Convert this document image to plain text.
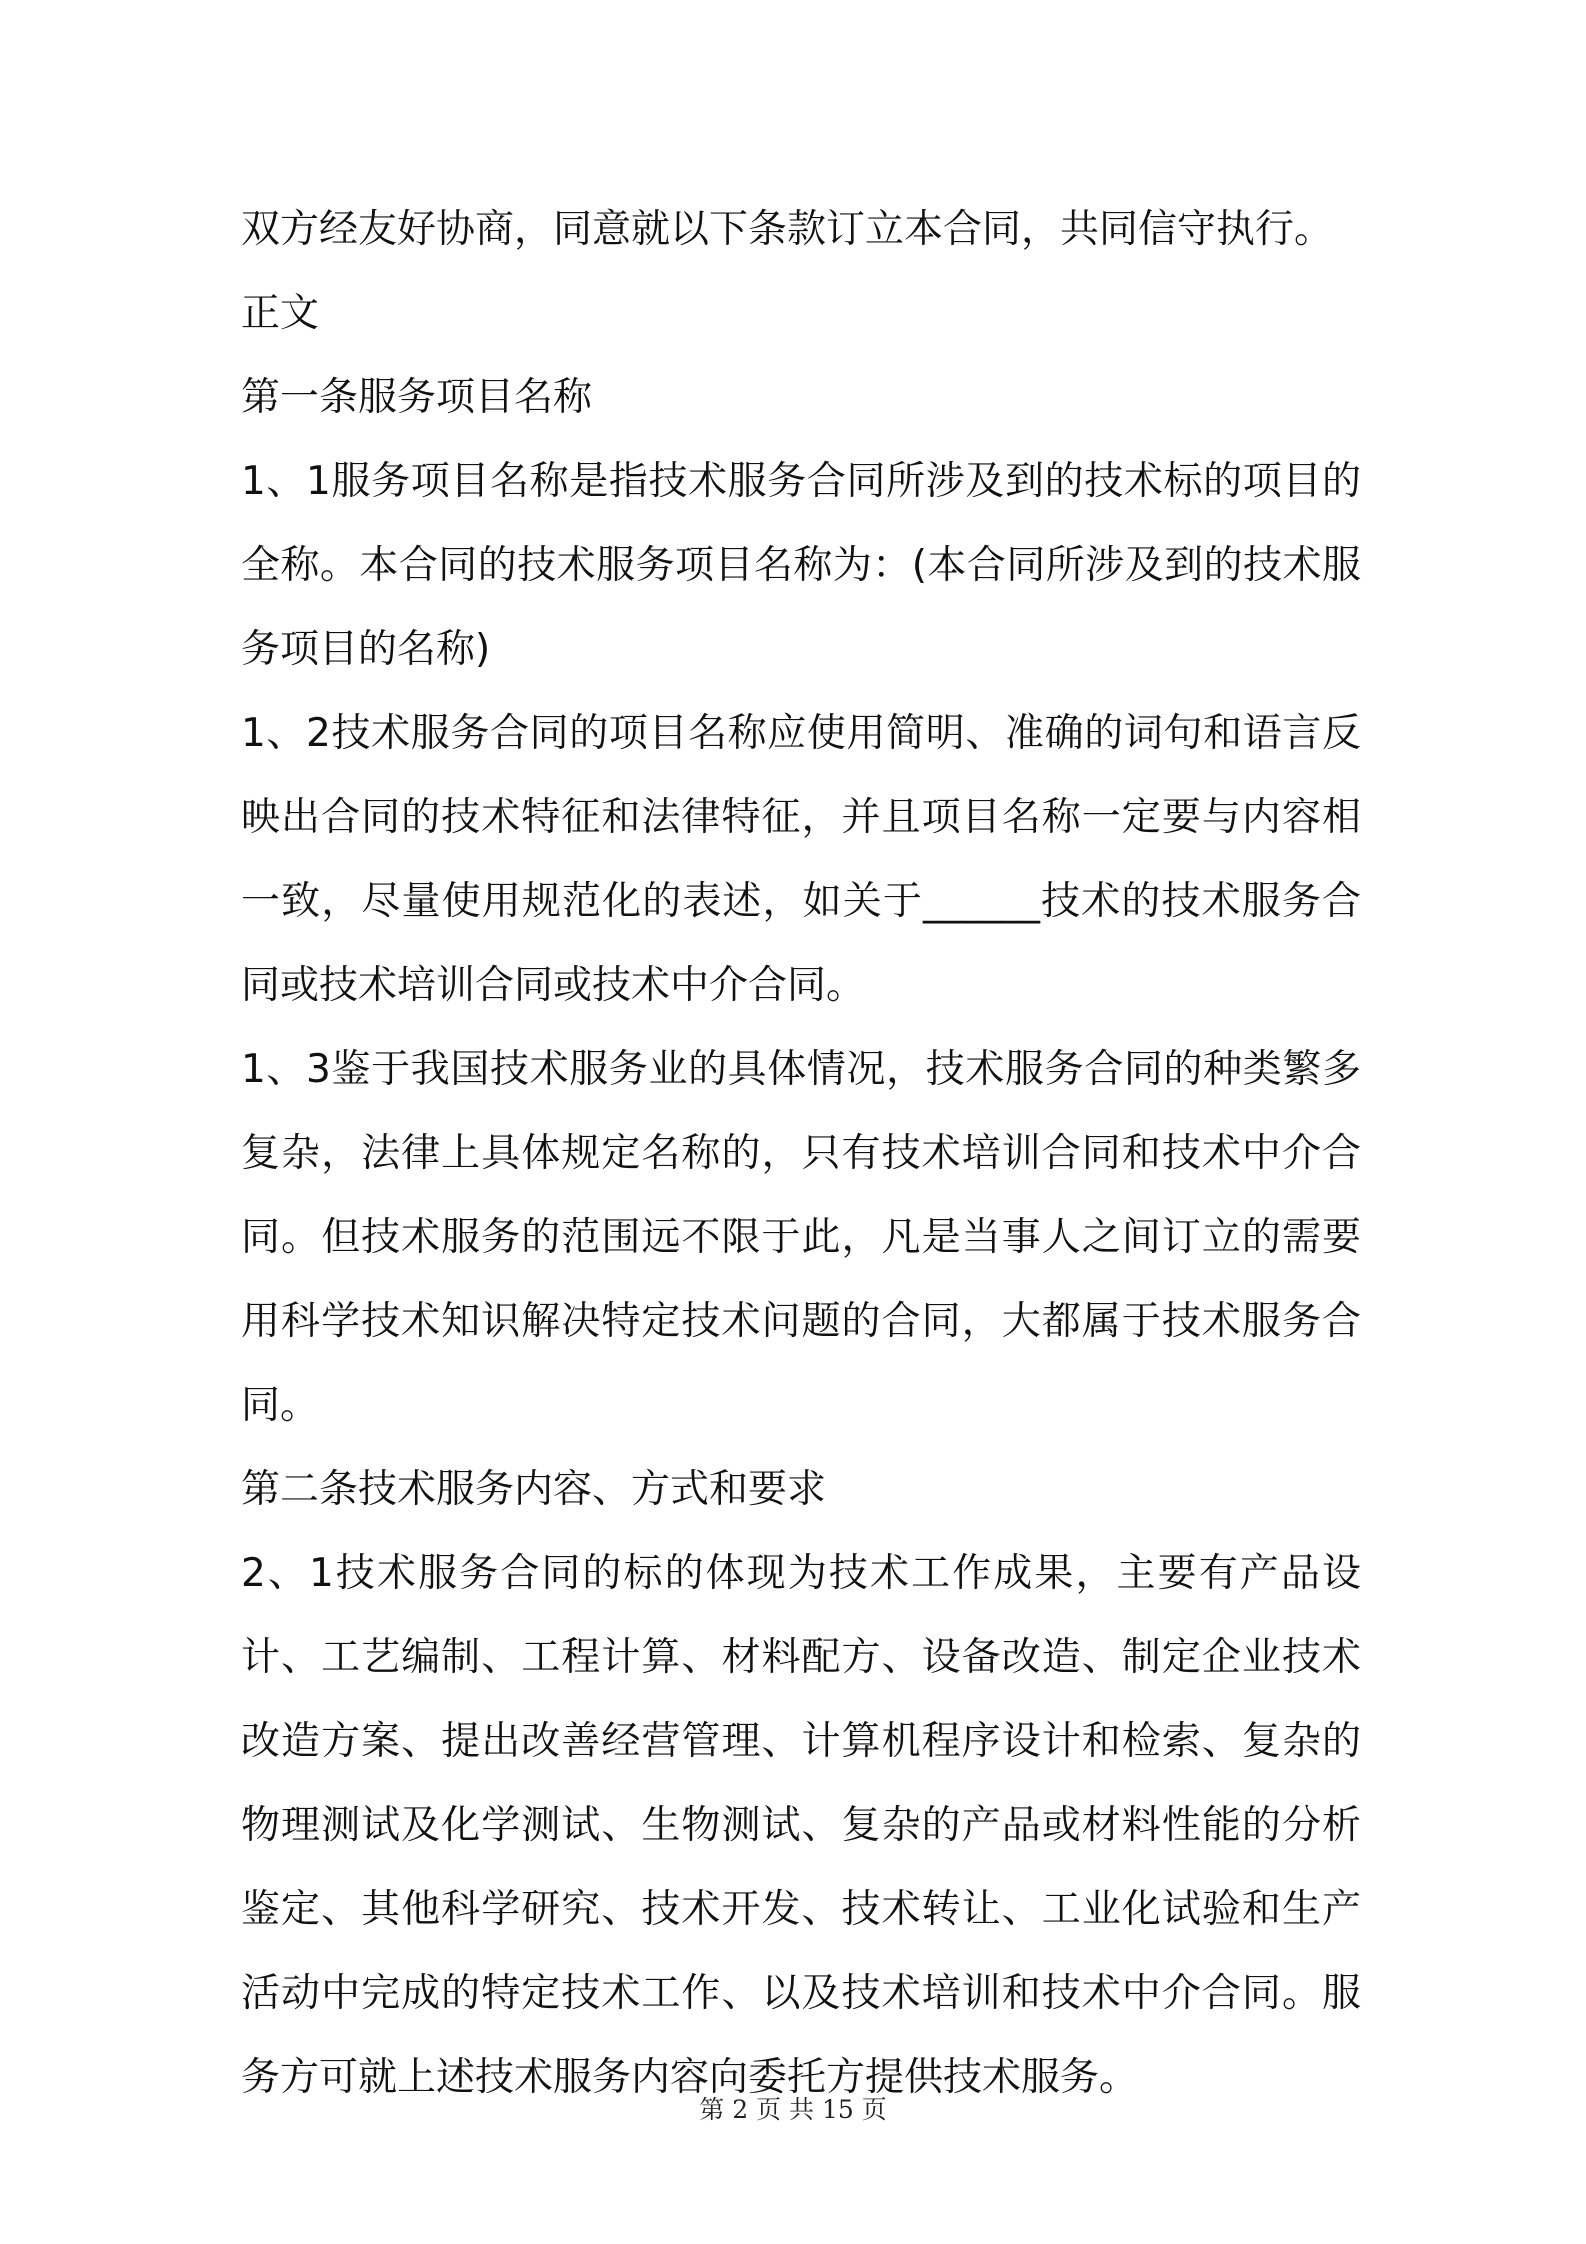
双方经友好协商，同意就以下条款订立本合同，共同信守执行。

正文

第一条服务项目名称

1、1服务项目名称是指技术服务合同所涉及到的技术标的项目的全称。本合同的技术服务项目名称为：(本合同所涉及到的技术服务项目的名称)

1、2技术服务合同的项目名称应使用简明、准确的词句和语言反映出合同的技术特征和法律特征，并且项目名称一定要与内容相一致，尽量使用规范化的表述，如关于______技术的技术服务合同或技术培训合同或技术中介合同。

1、3鉴于我国技术服务业的具体情况，技术服务合同的种类繁多复杂，法律上具体规定名称的，只有技术培训合同和技术中介合同。但技术服务的范围远不限于此，凡是当事人之间订立的需要用科学技术知识解决特定技术问题的合同，大都属于技术服务合同。

第二条技术服务内容、方式和要求

2、1技术服务合同的标的体现为技术工作成果，主要有产品设计、工艺编制、工程计算、材料配方、设备改造、制定企业技术改造方案、提出改善经营管理、计算机程序设计和检索、复杂的物理测试及化学测试、生物测试、复杂的产品或材料性能的分析鉴定、其他科学研究、技术开发、技术转让、工业化试验和生产活动中完成的特定技术工作、以及技术培训和技术中介合同。服务方可就上述技术服务内容向委托方提供技术服务。

第 2 页 共 15 页
